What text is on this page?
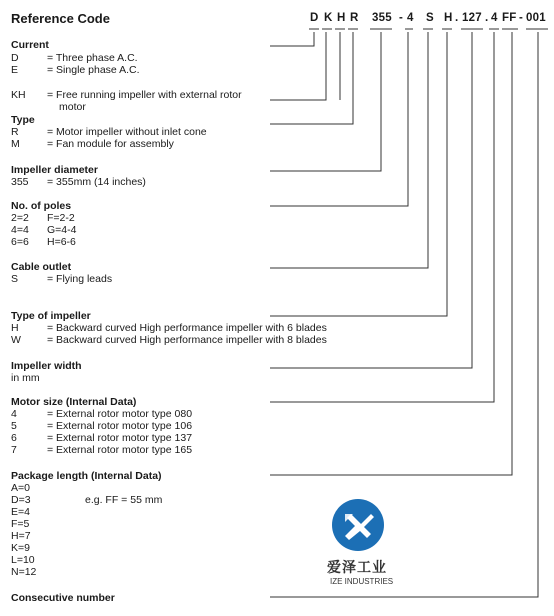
Reference Code	D K H R 355 - 4 S H . 127 . 4 FF - 001
Current
D	= Three phase A.C.
E	= Single phase A.C.
KH = Free running impeller with external rotor
motor
Type
R	= Motor impeller without inlet cone
M	= Fan module for assembly
Impeller diameter
355 = 355mm (14 inches)
No. of poles
2=2 F=2-2
4=4 G=4-4
6=6 H=6-6
Cable outlet
S	= Flying leads
Type of impeller
H	= Backward curved High performance impeller with 6 blades
W = Backward curved High performance impeller with 8 blades
Impeller width
in mm
Motor size (Internal Data)
4	= External rotor motor type 080
5	= External rotor motor type 106
6	= External rotor motor type 137
7	= External rotor motor type 165
Package length (Internal Data)
A=0
D=3	e.g. FF = 55 mm
E=4
F=5
H=7
K=9
L=10
N=12
Consecutive number
爱泽工业
IZE INDUSTRIES
